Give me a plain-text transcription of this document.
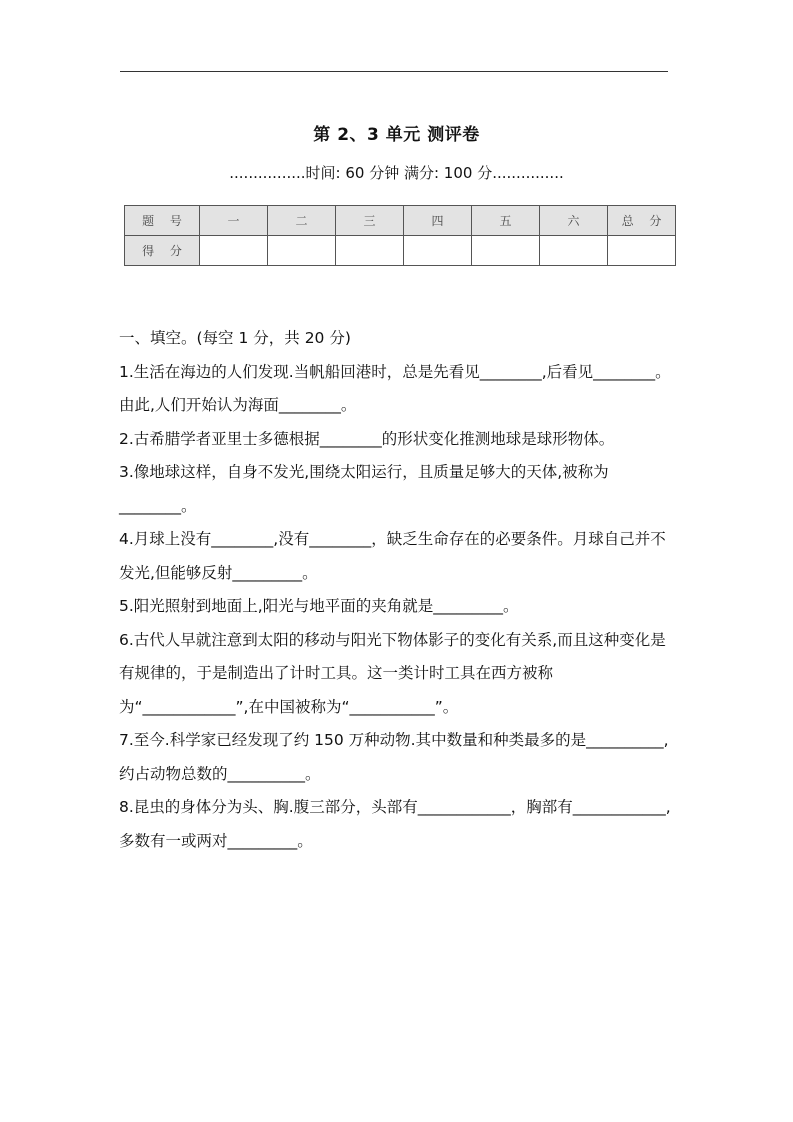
第 2、3 单元 测评卷
................时间: 60 分钟 满分: 100 分...............
题 号	一	二	三	四	五	六	总 分
得 分							

一、填空。(每空 1 分，共 20 分)

1.生活在海边的人们发现.当帆船回港时，总是先看见________,后看见________。由此,人们开始认为海面________。

2.古希腊学者亚里士多德根据________的形状变化推测地球是球形物体。

3.像地球这样，自身不发光,围绕太阳运行，且质量足够大的天体,被称为________。

4.月球上没有________,没有________，缺乏生命存在的必要条件。月球自己并不发光,但能够反射_________。

5.阳光照射到地面上,阳光与地平面的夹角就是_________。

6.古代人早就注意到太阳的移动与阳光下物体影子的变化有关系,而且这种变化是有规律的，于是制造出了计时工具。这一类计时工具在西方被称为“____________”,在中国被称为“___________”。

7.至今.科学家已经发现了约 150 万种动物.其中数量和种类最多的是__________,约占动物总数的__________。

8.昆虫的身体分为头、胸.腹三部分，头部有____________，胸部有____________,多数有一或两对_________。
